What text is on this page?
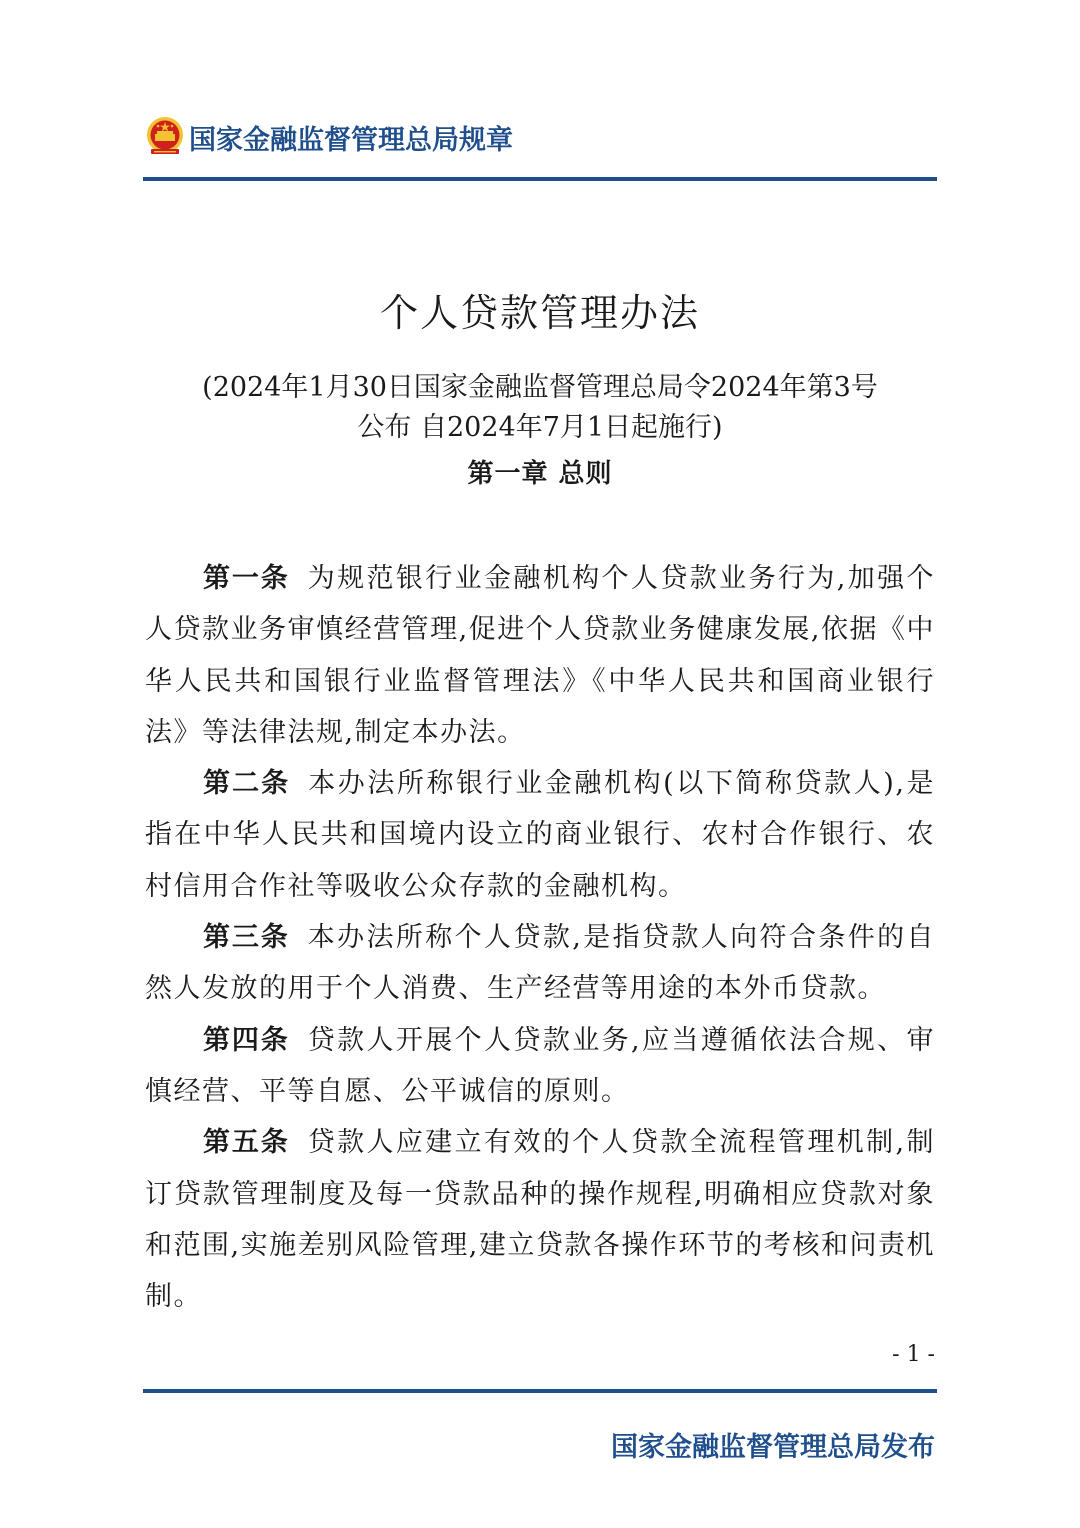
国家金融监督管理总局规章
个人贷款管理办法
(2024年1月30日国家金融监督管理总局令2024年第3号
公布 自2024年7月1日起施行)
第一章 总则

第一条 为规范银行业金融机构个人贷款业务行为,加强个人贷款业务审慎经营管理,促进个人贷款业务健康发展,依据《中华人民共和国银行业监督管理法》《中华人民共和国商业银行法》等法律法规,制定本办法。

第二条 本办法所称银行业金融机构(以下简称贷款人),是指在中华人民共和国境内设立的商业银行、农村合作银行、农村信用合作社等吸收公众存款的金融机构。

第三条 本办法所称个人贷款,是指贷款人向符合条件的自然人发放的用于个人消费、生产经营等用途的本外币贷款。

第四条 贷款人开展个人贷款业务,应当遵循依法合规、审慎经营、平等自愿、公平诚信的原则。

第五条 贷款人应建立有效的个人贷款全流程管理机制,制订贷款管理制度及每一贷款品种的操作规程,明确相应贷款对象和范围,实施差别风险管理,建立贷款各操作环节的考核和问责机制。

- 1 -
国家金融监督管理总局发布
